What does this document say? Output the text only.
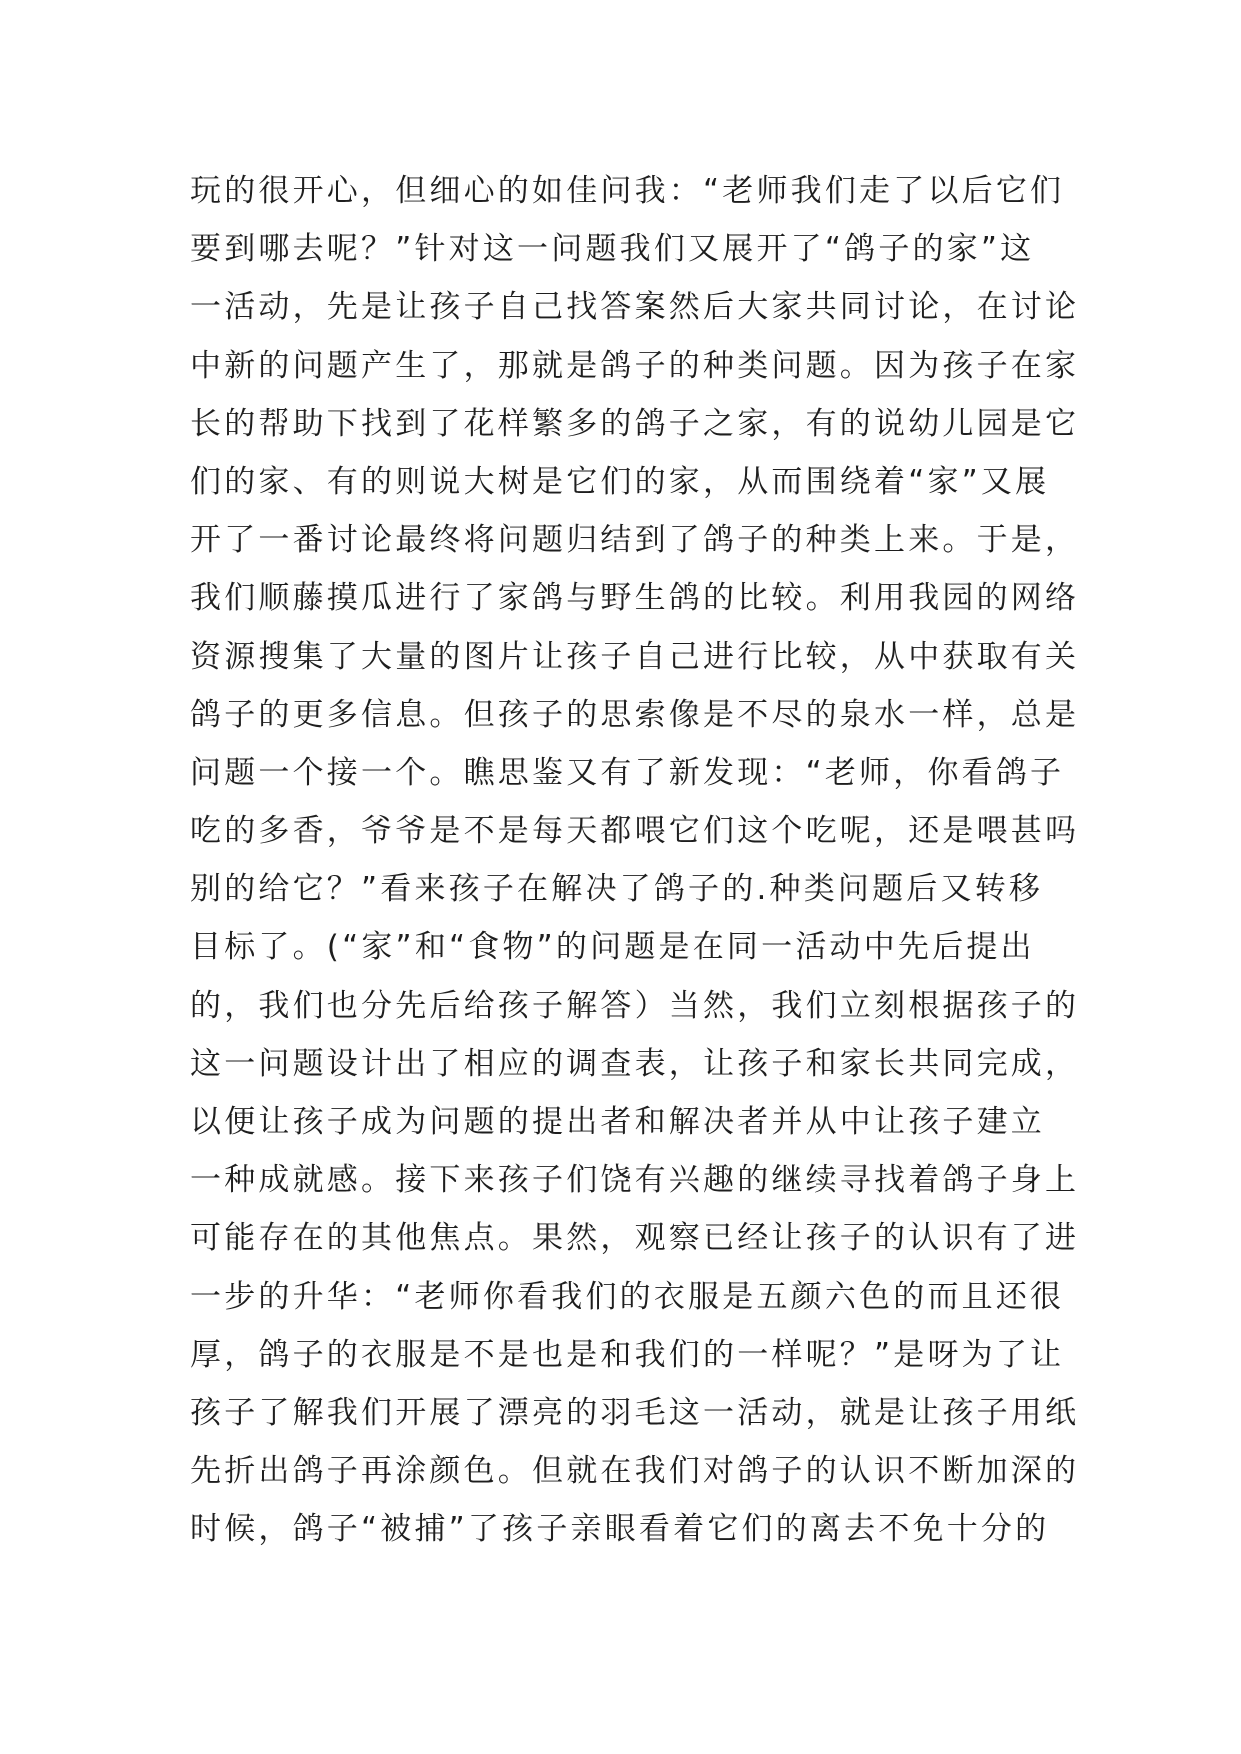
玩的很开心，但细心的如佳问我：“老师我们走了以后它们
要到哪去呢？”针对这一问题我们又展开了“鸽子的家”这
一活动，先是让孩子自己找答案然后大家共同讨论，在讨论
中新的问题产生了，那就是鸽子的种类问题。因为孩子在家
长的帮助下找到了花样繁多的鸽子之家，有的说幼儿园是它
们的家、有的则说大树是它们的家，从而围绕着“家”又展
开了一番讨论最终将问题归结到了鸽子的种类上来。于是，
我们顺藤摸瓜进行了家鸽与野生鸽的比较。利用我园的网络
资源搜集了大量的图片让孩子自己进行比较，从中获取有关
鸽子的更多信息。但孩子的思索像是不尽的泉水一样，总是
问题一个接一个。瞧思鉴又有了新发现：“老师，你看鸽子
吃的多香，爷爷是不是每天都喂它们这个吃呢，还是喂甚吗
别的给它？”看来孩子在解决了鸽子的.种类问题后又转移
目标了。(“家”和“食物”的问题是在同一活动中先后提出
的，我们也分先后给孩子解答）当然，我们立刻根据孩子的
这一问题设计出了相应的调查表，让孩子和家长共同完成，
以便让孩子成为问题的提出者和解决者并从中让孩子建立
一种成就感。接下来孩子们饶有兴趣的继续寻找着鸽子身上
可能存在的其他焦点。果然，观察已经让孩子的认识有了进
一步的升华：“老师你看我们的衣服是五颜六色的而且还很
厚，鸽子的衣服是不是也是和我们的一样呢？”是呀为了让
孩子了解我们开展了漂亮的羽毛这一活动，就是让孩子用纸
先折出鸽子再涂颜色。但就在我们对鸽子的认识不断加深的
时候，鸽子“被捕”了孩子亲眼看着它们的离去不免十分的
